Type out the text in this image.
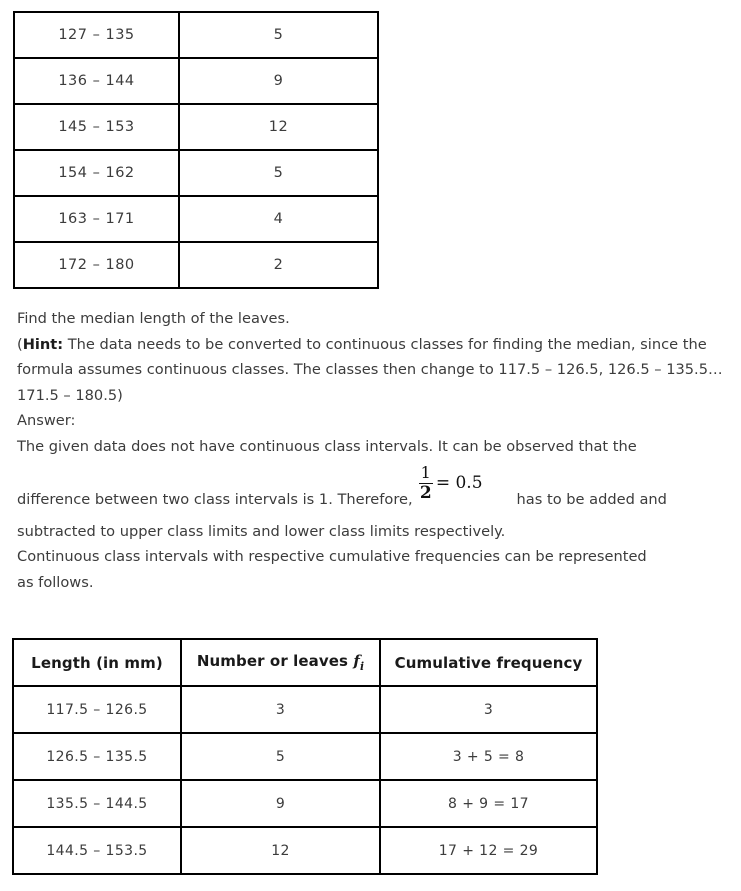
127 – 135	5
136 – 144	9
145 – 153	12
154 – 162	5
163 – 171	4
172 – 180	2

Find the median length of the leaves.

(Hint: The data needs to be converted to continuous classes for finding the median, since the formula assumes continuous classes. The classes then change to 117.5 – 126.5, 126.5 – 135.5… 171.5 – 180.5)

Answer:

The given data does not have continuous class intervals. It can be observed that the

difference between two class intervals is 1. Therefore, $\frac{1}{2} = 0.5has$ to be added and

subtracted to upper class limits and lower class limits respectively.

Continuous class intervals with respective cumulative frequencies can be represented

as follows.

Length (in mm)	Number or leaves $f_i$	Cumulative frequency
117.5 – 126.5	3	3
126.5 – 135.5	5	3 + 5 = 8
135.5 – 144.5	9	8 + 9 = 17
144.5 – 153.5	12	17 + 12 = 29
